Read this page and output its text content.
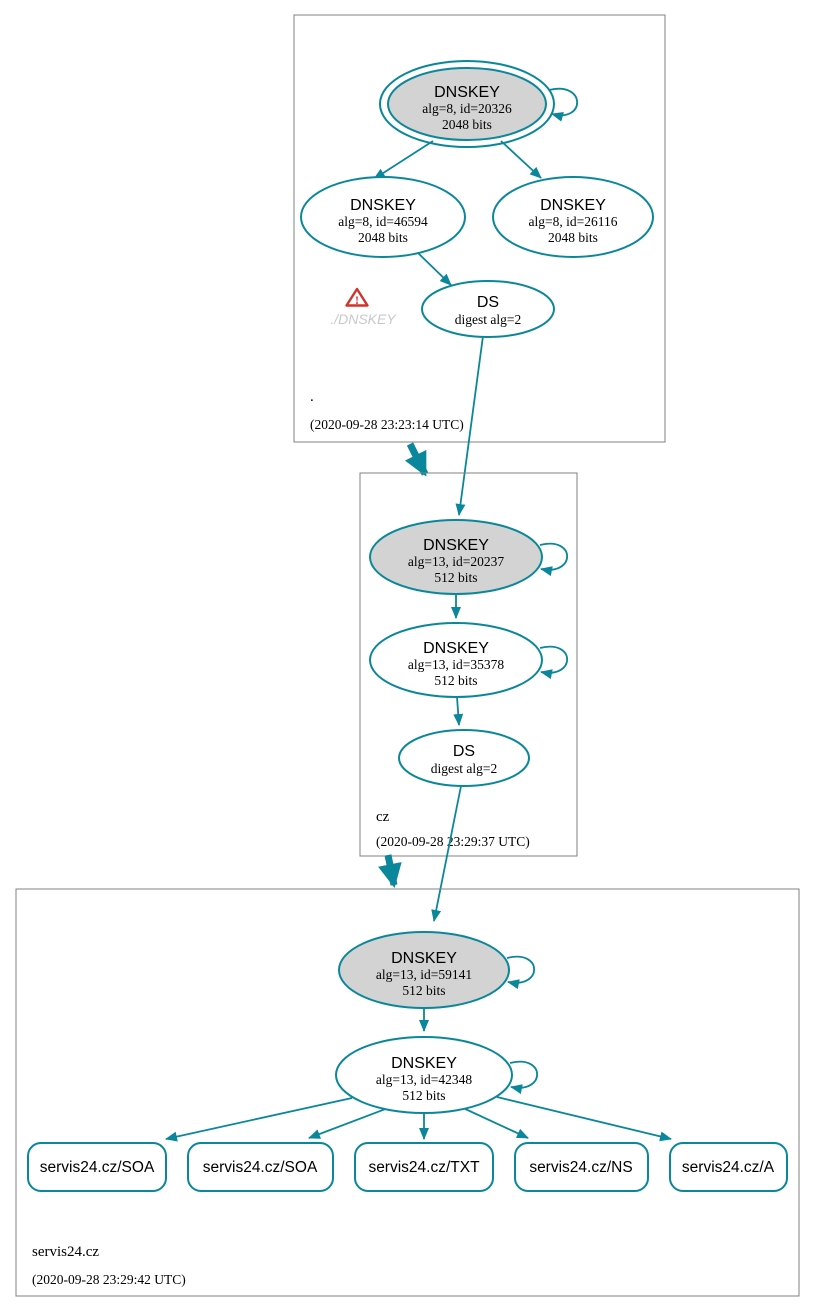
.
(2020-09-28 23:23:14 UTC)
DNSKEY
alg=8, id=20326
2048 bits
DNSKEY
alg=8, id=46594
2048 bits
DNSKEY
alg=8, id=26116
2048 bits
DS
digest alg=2
!
./DNSKEY
cz
(2020-09-28 23:29:37 UTC)
DNSKEY
alg=13, id=20237
512 bits
DNSKEY
alg=13, id=35378
512 bits
DS
digest alg=2
servis24.cz
(2020-09-28 23:29:42 UTC)
DNSKEY
alg=13, id=59141
512 bits
DNSKEY
alg=13, id=42348
512 bits
servis24.cz/SOA	servis24.cz/SOA	servis24.cz/TXT	servis24.cz/NS	servis24.cz/A
